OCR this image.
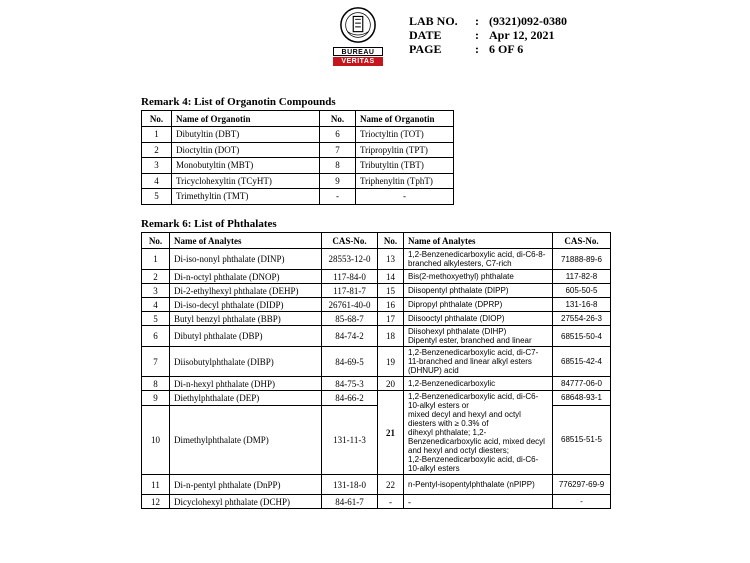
BUREAU
VERITAS
LAB NO.	: (9321)092-0380
DATE	: Apr 12, 2021
PAGE	: 6 OF 6
Remark 4: List of Organotin Compounds
No.	Name of Organotin	No.	Name of Organotin
1	Dibutyltin (DBT)	6	Trioctyltin (TOT)
2	Dioctyltin (DOT)	7	Tripropyltin (TPT)
3	Monobutyltin (MBT)	8	Tributyltin (TBT)
4	Tricyclohexyltin (TCyHT)	9	Triphenyltin (TphT)
5	Trimethyltin (TMT)	-	-
Remark 6: List of Phthalates
No.	Name of Analytes	CAS-No.	No.	Name of Analytes	CAS-No.
1	Di-iso-nonyl phthalate (DINP)	28553-12-0	13	1,2-Benzenedicarboxylic acid, di-C6-8-branched alkylesters, C7-rich	71888-89-6
2	Di-n-octyl phthalate (DNOP)	117-84-0	14	Bis(2-methoxyethyl) phthalate	117-82-8
3	Di-2-ethylhexyl phthalate (DEHP)	117-81-7	15	Diisopentyl phthalate (DIPP)	605-50-5
4	Di-iso-decyl phthalate (DIDP)	26761-40-0	16	Dipropyl phthalate (DPRP)	131-16-8
5	Butyl benzyl phthalate (BBP)	85-68-7	17	Diisooctyl phthalate (DIOP)	27554-26-3
6	Dibutyl phthalate (DBP)	84-74-2	18	Diisohexyl phthalate (DIHP)
Dipentyl ester, branched and linear	68515-50-4
7	Diisobutylphthalate (DIBP)	84-69-5	19	1,2-Benzenedicarboxylic acid, di-C7-11-branched and linear alkyl esters (DHNUP) acid	68515-42-4
8	Di-n-hexyl phthalate (DHP)	84-75-3	20	1,2-Benzenedicarboxylic	84777-06-0
9	Diethylphthalate (DEP)	84-66-2	21	1,2-Benzenedicarboxylic acid, di-C6-10-alkyl esters or
mixed decyl and hexyl and octyl diesters with ≥ 0.3% of
dihexyl phthalate; 1,2-Benzenedicarboxylic acid, mixed decyl and hexyl and octyl diesters;
1,2-Benzenedicarboxylic acid, di-C6-10-alkyl esters	68648-93-1
10	Dimethylphthalate (DMP)	131-11-3			68515-51-5
11	Di-n-pentyl phthalate (DnPP)	131-18-0	22	n-Pentyl-isopentylphthalate (nPIPP)	776297-69-9
12	Dicyclohexyl phthalate (DCHP)	84-61-7	-	-	-
